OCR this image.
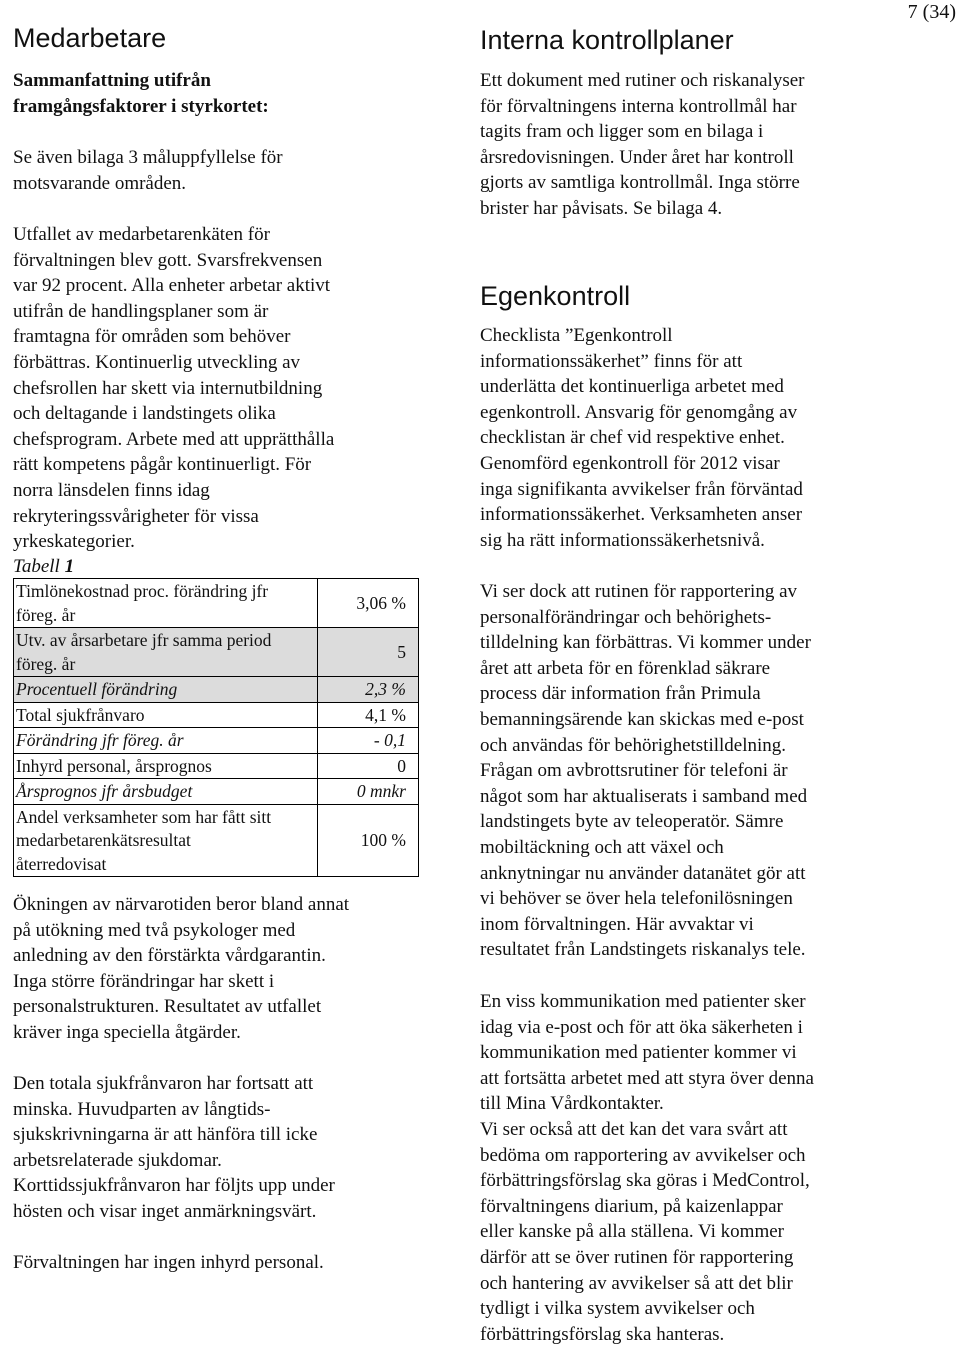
7 (34)
Medarbetare
Sammanfattning utifrån
framgångsfaktorer i styrkortet:

Se även bilaga 3 måluppfyllelse för
motsvarande områden.

Utfallet av medarbetarenkäten för
förvaltningen blev gott. Svarsfrekvensen
var 92 procent. Alla enheter arbetar aktivt
utifrån de handlingsplaner som är
framtagna för områden som behöver
förbättras. Kontinuerlig utveckling av
chefsrollen har skett via internutbildning
och deltagande i landstingets olika
chefsprogram. Arbete med att upprätthålla
rätt kompetens pågår kontinuerligt. För
norra länsdelen finns idag
rekryteringssvårigheter för vissa
yrkeskategorier.

Tabell 1
Timlönekostnad proc. förändring jfr
föreg. år	3,06 %

Utv. av årsarbetare jfr samma period
föreg. år	5

Procentuell förändring	2,3 %

Total sjukfrånvaro	4,1 %

Förändring jfr föreg. år	- 0,1

Inhyrd personal, årsprognos	0

Årsprognos jfr årsbudget	0 mnkr

Andel verksamheter som har fått sitt
medarbetarenkätsresultat
återredovisat	100 %

Ökningen av närvarotiden beror bland annat
på utökning med två psykologer med
anledning av den förstärkta vårdgarantin.
Inga större förändringar har skett i
personalstrukturen. Resultatet av utfallet
kräver inga speciella åtgärder.

Den totala sjukfrånvaron har fortsatt att
minska. Huvudparten av långtids-
sjukskrivningarna är att hänföra till icke
arbetsrelaterade sjukdomar.
Korttidssjukfrånvaron har följts upp under
hösten och visar inget anmärkningsvärt.

Förvaltningen har ingen inhyrd personal.

Interna kontrollplaner

Ett dokument med rutiner och riskanalyser
för förvaltningens interna kontrollmål har
tagits fram och ligger som en bilaga i
årsredovisningen. Under året har kontroll
gjorts av samtliga kontrollmål. Inga större
brister har påvisats. Se bilaga 4.

Egenkontroll

Checklista ”Egenkontroll
informationssäkerhet” finns för att
underlätta det kontinuerliga arbetet med
egenkontroll. Ansvarig för genomgång av
checklistan är chef vid respektive enhet.
Genomförd egenkontroll för 2012 visar
inga signifikanta avvikelser från förväntad
informationssäkerhet. Verksamheten anser
sig ha rätt informationssäkerhetsnivå.

Vi ser dock att rutinen för rapportering av
personalförändringar och behörighets-
tilldelning kan förbättras. Vi kommer under
året att arbeta för en förenklad säkrare
process där information från Primula
bemanningsärende kan skickas med e-post
och användas för behörighetstilldelning.
Frågan om avbrottsrutiner för telefoni är
något som har aktualiserats i samband med
landstingets byte av teleoperatör. Sämre
mobiltäckning och att växel och
anknytningar nu använder datanätet gör att
vi behöver se över hela telefonilösningen
inom förvaltningen. Här avvaktar vi
resultatet från Landstingets riskanalys tele.

En viss kommunikation med patienter sker
idag via e-post och för att öka säkerheten i
kommunikation med patienter kommer vi
att fortsätta arbetet med att styra över denna
till Mina Vårdkontakter.
Vi ser också att det kan det vara svårt att
bedöma om rapportering av avvikelser och
förbättringsförslag ska göras i MedControl,
förvaltningens diarium, på kaizenlappar
eller kanske på alla ställena. Vi kommer
därför att se över rutinen för rapportering
och hantering av avvikelser så att det blir
tydligt i vilka system avvikelser och
förbättringsförslag ska hanteras.
